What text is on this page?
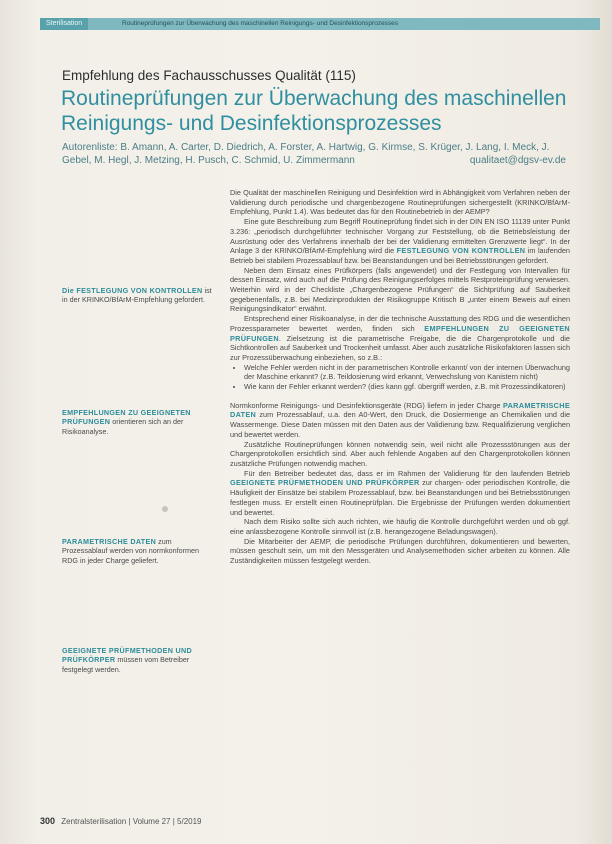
Sterilisation	Routineprüfungen zur Überwachung des maschinellen Reinigungs- und Desinfektionsprozesses
Empfehlung des Fachausschusses Qualität (115)
Routineprüfungen zur Überwachung des maschinellen Reinigungs- und Desinfektionsprozesses
Autorenliste: B. Amann, A. Carter, D. Diedrich, A. Forster, A. Hartwig, G. Kirmse, S. Krüger, J. Lang, I. Meck, J. Gebel, M. Hegl, J. Metzing, H. Pusch, C. Schmid, U. Zimmermann	qualitaet@dgsv-ev.de
Die FESTLEGUNG VON KONTROLLEN ist in der KRINKO/BfArM-Empfehlung gefordert.
EMPFEHLUNGEN ZU GEEIGNETEN PRÜFUNGEN orientieren sich an der Risikoanalyse.
PARAMETRISCHE DATEN zum Prozessablauf werden von normkonformen RDG in jeder Charge geliefert.
GEEIGNETE PRÜFMETHODEN UND PRÜFKÖRPER müssen vom Betreiber festgelegt werden.

Die Qualität der maschinellen Reinigung und Desinfektion wird in Abhängigkeit vom Verfahren neben der Validierung durch periodische und chargenbezogene Routineprüfungen sichergestellt (KRINKO/BfArM-Empfehlung, Punkt 1.4). Was bedeutet das für den Routinebetrieb in der AEMP?

Eine gute Beschreibung zum Begriff Routineprüfung findet sich in der DIN EN ISO 11139 unter Punkt 3.236: „periodisch durchgeführter technischer Vorgang zur Feststellung, ob die Betriebsleistung der Ausrüstung oder des Verfahrens innerhalb der bei der Validierung ermittelten Grenzwerte liegt“. In der Anlage 3 der KRINKO/BfArM-Empfehlung wird die FESTLEGUNG VON KONTROLLEN im laufenden Betrieb bei stabilem Prozessablauf bzw. bei Beanstandungen und bei Betriebsstörungen gefordert.

Neben dem Einsatz eines Prüfkörpers (falls angewendet) und der Festlegung von Intervallen für dessen Einsatz, wird auch auf die Prüfung des Reinigungserfolges mittels Restproteinprüfung verwiesen. Weiterhin wird in der Checkliste „Chargenbezogene Prüfungen“ die Sichtprüfung auf Sauberkeit gegebenenfalls, z.B. bei Medizinprodukten der Risikogruppe Kritisch B „unter einem Beweis auf einen Reinigungsindikator“ erwähnt.

Entsprechend einer Risikoanalyse, in der die technische Ausstattung des RDG und die wesentlichen Prozessparameter bewertet werden, finden sich EMPFEHLUNGEN ZU GEEIGNETEN PRÜFUNGEN. Zielsetzung ist die parametrische Freigabe, die die Chargenprotokolle und die Sichtkontrollen auf Sauberkeit und Trockenheit umfasst. Aber auch zusätzliche Risikofaktoren lassen sich zur Prozessüberwachung einbeziehen, so z.B.:

• Welche Fehler werden nicht in der parametrischen Kontrolle erkannt/ von der internen Überwachung der Maschine erkannt? (z.B. Teildosierung wird erkannt, Verwechslung von Kanistern nicht)
• Wie kann der Fehler erkannt werden? (dies kann ggf. übergriff werden, z.B. mit Prozessindikatoren)

Normkonforme Reinigungs- und Desinfektionsgeräte (RDG) liefern in jeder Charge PARAMETRISCHE DATEN zum Prozessablauf, u.a. den A0-Wert, den Druck, die Dosiermenge an Chemikalien und die Wassermenge. Diese Daten müssen mit den Daten aus der Validierung bzw. Requalifizierung verglichen und bewertet werden.

Zusätzliche Routineprüfungen können notwendig sein, weil nicht alle Prozessstörungen aus der Chargenprotokollen ersichtlich sind. Aber auch fehlende Angaben auf den Chargenprotokollen können zusätzliche Prüfungen notwendig machen.

Für den Betreiber bedeutet das, dass er im Rahmen der Validierung für den laufenden Betrieb GEEIGNETE PRÜFMETHODEN UND PRÜFKÖRPER zur chargen- oder periodischen Kontrolle, die Häufigkeit der Einsätze bei stabilem Prozessablauf, bzw. bei Beanstandungen und bei Betriebsstörungen festlegen muss. Er erstellt einen Routineprüfplan. Die Ergebnisse der Prüfungen werden dokumentiert und bewertet.

Nach dem Risiko sollte sich auch richten, wie häufig die Kontrolle durchgeführt werden und ob ggf. eine anlassbezogene Kontrolle sinnvoll ist (z.B. herangezogene Beladungswagen).

Die Mitarbeiter der AEMP, die periodische Prüfungen durchführen, dokumentieren und bewerten, müssen geschult sein, um mit den Messgeräten und Analysemethoden sicher arbeiten zu können. Alle Zuständigkeiten müssen festgelegt werden.

300 Zentralsterilisation | Volume 27 | 5/2019
